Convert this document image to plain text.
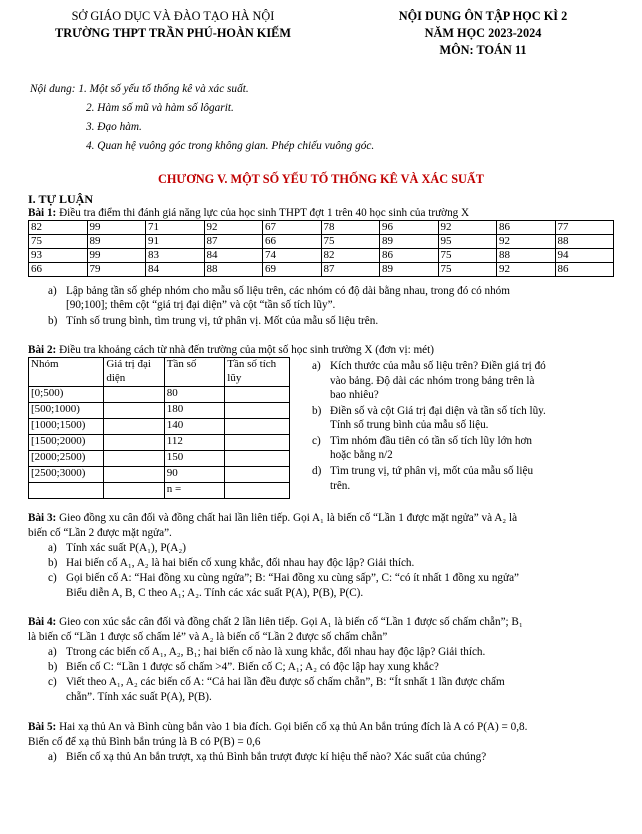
SỞ GIÁO DỤC VÀ ĐÀO TẠO HÀ NỘI
TRƯỜNG THPT TRẦN PHÚ-HOÀN KIẾM
NỘI DUNG ÔN TẬP HỌC KÌ 2
NĂM HỌC 2023-2024
MÔN: TOÁN 11
Nội dung: 1. Một số yếu tố thống kê và xác suất.
2. Hàm số mũ và hàm số lôgarit.
3. Đạo hàm.
4. Quan hệ vuông góc trong không gian. Phép chiếu vuông góc.
CHƯƠNG V. MỘT SỐ YẾU TỐ THỐNG KÊ VÀ XÁC SUẤT
I. TỰ LUẬN
Bài 1: Điều tra điểm thi đánh giá năng lực của học sinh THPT đợt 1 trên 40 học sinh của trường X
82	99	71	92	67	78	96	92	86	77
75	89	91	87	66	75	89	95	92	88
93	99	83	84	74	82	86	75	88	94
66	79	84	88	69	87	89	75	92	86
a) Lập bảng tần số ghép nhóm cho mẫu số liệu trên, các nhóm có độ dài bằng nhau, trong đó có nhóm
[90;100]; thêm cột “giá trị đại diện” và cột “tần số tích lũy”.
b) Tính số trung bình, tìm trung vị, tứ phân vị. Mốt của mẫu số liệu trên.
Bài 2: Điều tra khoảng cách từ nhà đến trường của một số học sinh trường X (đơn vị: mét)
Nhóm	Giá trị đại diện	Tần số	Tần số tích lũy
[0;500)		80	
[500;1000)		180	
[1000;1500)		140	
[1500;2000)		112	
[2000;2500)		150	
[2500;3000)		90	
		n =	
a) Kích thước của mẫu số liệu trên? Điền giá trị đó
vào bảng. Độ dài các nhóm trong bảng trên là
bao nhiêu?
b) Điền số và cột Giá trị đại diện và tần số tích lũy.
Tính số trung bình của mẫu số liệu.
c) Tìm nhóm đầu tiên có tần số tích lũy lớn hơn
hoặc bằng n/2
d) Tìm trung vị, tứ phân vị, mốt của mẫu số liệu
trên.
Bài 3: Gieo đồng xu cân đối và đồng chất hai lần liên tiếp. Gọi A₁ là biến cố “Lần 1 được mặt ngửa” và A₂ là
biến cố “Lần 2 được mặt ngửa”.
a) Tính xác suất P(A₁), P(A₂)
b) Hai biến cố A₁, A₂ là hai biến cố xung khắc, đối nhau hay độc lập? Giải thích.
c) Gọi biến cố A: “Hai đồng xu cùng ngửa”; B: “Hai đồng xu cùng sấp”, C: “có ít nhất 1 đồng xu ngửa”
Biểu diễn A, B, C theo A₁; A₂. Tính các xác suất P(A), P(B), P(C).
Bài 4: Gieo con xúc sắc cân đối và đồng chất 2 lần liên tiếp. Gọi A₁ là biến cố “Lần 1 được số chấm chẵn”; B₁
là biến cố “Lần 1 được số chấm lẻ” và A₂ là biến cố “Lần 2 được số chấm chẵn”
a) Ttrong các biến cố A₁, A₂, B₁; hai biến cố nào là xung khắc, đối nhau hay độc lập? Giải thích.
b) Biến cố C: “Lần 1 được số chấm >4”. Biến cố C; A₁; A₂ có độc lập hay xung khắc?
c) Viết theo A₁, A₂ các biến cố A: “Cả hai lần đều được số chấm chẵn”, B: “Ít snhất 1 lần được chấm
chẵn”. Tính xác suất P(A), P(B).
Bài 5: Hai xạ thủ An và Bình cùng bắn vào 1 bia đích. Gọi biến cố xạ thủ An bắn trúng đích là A có P(A) = 0,8.
Biến cố để xạ thủ Bình bắn trúng là B có P(B) = 0,6
a) Biến cố xạ thủ An bắn trượt, xạ thủ Bình bắn trượt được kí hiệu thế nào? Xác suất của chúng?
